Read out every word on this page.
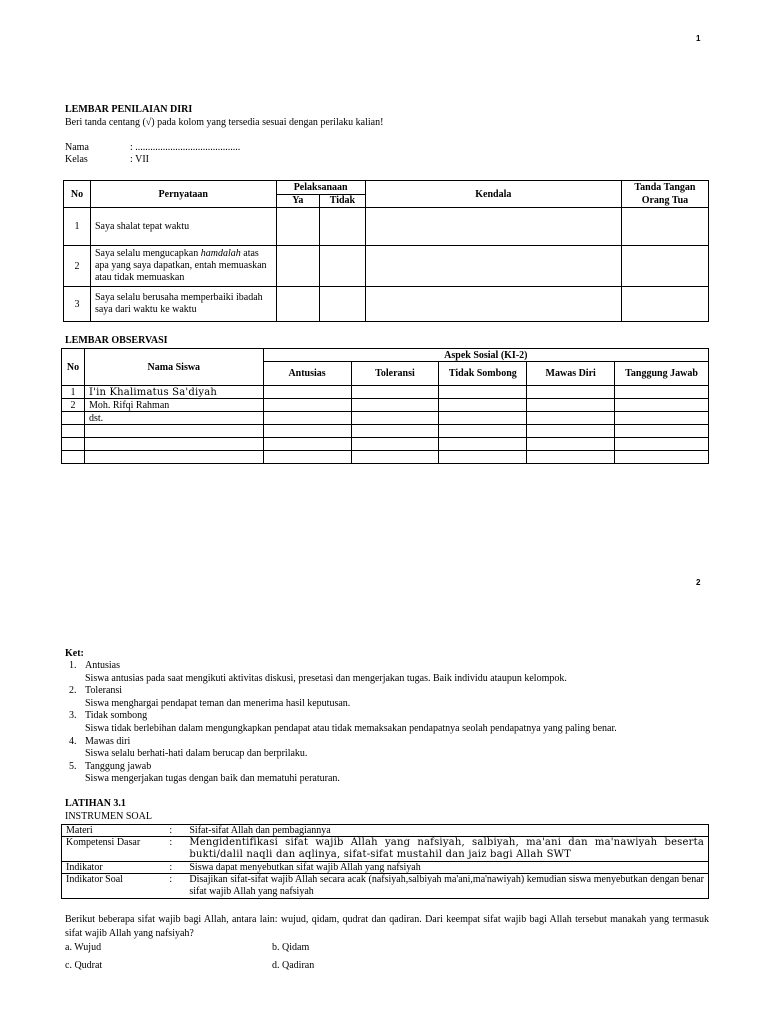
1
LEMBAR PENILAIAN DIRI
Beri tanda centang (√) pada kolom yang tersedia sesuai dengan perilaku kalian!
Nama	: ..........................................
Kelas	: VII
No	Pernyataan	Pelaksanaan		Kendala	Tanda Tangan Orang Tua
		Ya	Tidak		
1	Saya shalat tepat waktu				
2	Saya selalu mengucapkan hamdalah atas apa yang saya dapatkan, entah memuaskan atau tidak memuaskan				
3	Saya selalu berusaha memperbaiki ibadah saya dari waktu ke waktu				
LEMBAR OBSERVASI
No	Nama Siswa	Aspek Sosial (KI-2)				
		Antusias	Toleransi	Tidak Sombong	Mawas Diri	Tanggung Jawab
1	I'in Khalimatus Sa'diyah					
2	Moh. Rifqi Rahman					
	dst.					

2
Ket:
1. Antusias
Siswa antusias pada saat mengikuti aktivitas diskusi, presetasi dan mengerjakan tugas. Baik individu ataupun kelompok.
2. Toleransi
Siswa menghargai pendapat teman dan menerima hasil keputusan.
3. Tidak sombong
Siswa tidak berlebihan dalam mengungkapkan pendapat atau tidak memaksakan pendapatnya seolah pendapatnya yang paling benar.
4. Mawas diri
Siswa selalu berhati-hati dalam berucap dan berprilaku.
5. Tanggung jawab
Siswa mengerjakan tugas dengan baik dan mematuhi peraturan.
LATIHAN 3.1
INSTRUMEN SOAL
Materi	:	Sifat-sifat Allah dan pembagiannya
Kompetensi Dasar	:	Mengidentifikasi sifat wajib Allah yang nafsiyah, salbiyah, ma'ani dan ma'nawiyah beserta bukti/dalil naqli dan aqlinya, sifat-sifat mustahil dan jaiz bagi Allah SWT
Indikator	:	Siswa dapat menyebutkan sifat wajib Allah yang nafsiyah
Indikator Soal	:	Disajikan sifat-sifat wajib Allah secara acak (nafsiyah,salbiyah ma'ani,ma'nawiyah) kemudian siswa menyebutkan dengan benar sifat wajib Allah yang nafsiyah
Berikut beberapa sifat wajib bagi Allah, antara lain: wujud, qidam, qudrat dan qadiran. Dari keempat sifat wajib bagi Allah tersebut manakah yang termasuk sifat wajib Allah yang nafsiyah?
a. Wujud	b. Qidam
c. Qudrat	d. Qadiran
